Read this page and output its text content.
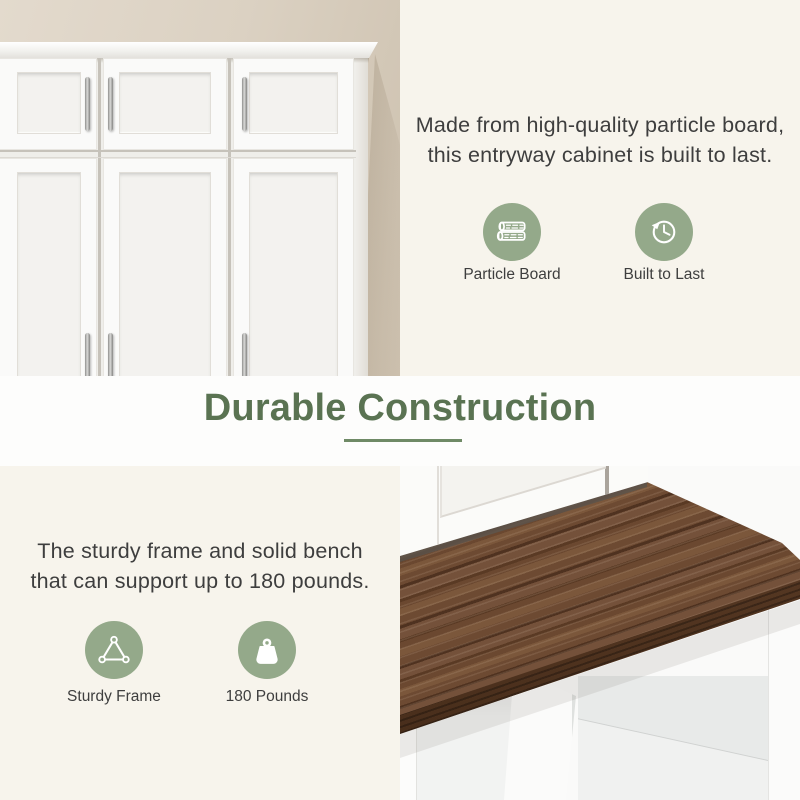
Made from high-quality particle board,
this entryway cabinet is built to last.
Particle Board	Built to Last
Durable Construction
The sturdy frame and solid bench
that can support up to 180 pounds.
Sturdy Frame	180 Pounds
